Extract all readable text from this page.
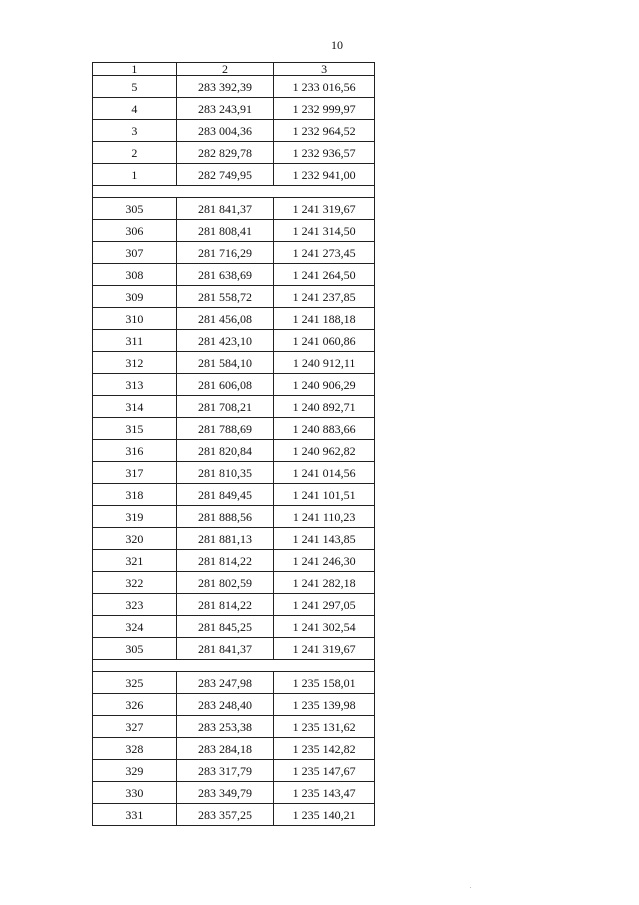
10
1	2	3
5	283 392,39	1 233 016,56
4	283 243,91	1 232 999,97
3	283 004,36	1 232 964,52
2	282 829,78	1 232 936,57
1	282 749,95	1 232 941,00

305	281 841,37	1 241 319,67
306	281 808,41	1 241 314,50
307	281 716,29	1 241 273,45
308	281 638,69	1 241 264,50
309	281 558,72	1 241 237,85
310	281 456,08	1 241 188,18
311	281 423,10	1 241 060,86
312	281 584,10	1 240 912,11
313	281 606,08	1 240 906,29
314	281 708,21	1 240 892,71
315	281 788,69	1 240 883,66
316	281 820,84	1 240 962,82
317	281 810,35	1 241 014,56
318	281 849,45	1 241 101,51
319	281 888,56	1 241 110,23
320	281 881,13	1 241 143,85
321	281 814,22	1 241 246,30
322	281 802,59	1 241 282,18
323	281 814,22	1 241 297,05
324	281 845,25	1 241 302,54
305	281 841,37	1 241 319,67

325	283 247,98	1 235 158,01
326	283 248,40	1 235 139,98
327	283 253,38	1 235 131,62
328	283 284,18	1 235 142,82
329	283 317,79	1 235 147,67
330	283 349,79	1 235 143,47
331	283 357,25	1 235 140,21
